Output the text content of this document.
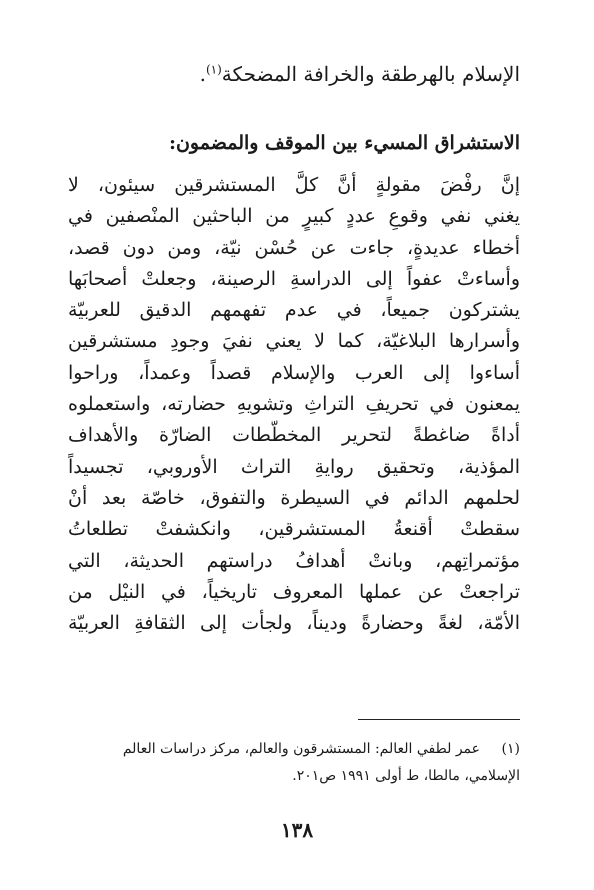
الإسلام بالهرطقة والخرافة المضحكة$^{(١)}$.
الاستشراق المسيء بين الموقف والمضمون:
إنَّ رفْضَ مقولةٍ أنَّ كلَّ المستشرقين سيئون، لا
يغني نفي وقوعِ عددٍ كبيرٍ من الباحثين المنْصفين في
أخطاء عديدةٍ، جاءت عن حُسْن نيّة، ومن دون قصد،
وأساءتْ عفواً إلى الدراسةِ الرصينة، وجعلتْ أصحابَها
يشتركون جميعاً، في عدم تفهمهم الدقيق للعربيّة
وأسرارها البلاغيّة، كما لا يعني نفيَ وجودِ مستشرقين
أساءوا إلى العرب والإسلام قصداً وعمداً، وراحوا
يمعنون في تحريفِ التراثِ وتشويهِ حضارته، واستعملوه
أداةً ضاغطةً لتحرير المخطَّطات الضارّة والأهداف
المؤذية، وتحقيق روايةِ التراث الأوروبي، تجسيداً
لحلمهم الدائم في السيطرة والتفوق، خاصّة بعد أنْ
سقطتْ أقنعةُ المستشرقين، وانكشفتْ تطلعاتُ
مؤتمراتِهم، وبانتْ أهدافُ دراستهم الحديثة، التي
تراجعتْ عن عملها المعروف تاريخياً، في النيْل من
الأمّة، لغةً وحضارةً وديناً، ولجأت إلى الثقافةِ العربيّة
(١)عمر لطفي العالم: المستشرقون والعالم، مركز دراسات العالم
الإسلامي، مالطا، ط أولى ١٩٩١ ص٢٠١.
١٣٨
